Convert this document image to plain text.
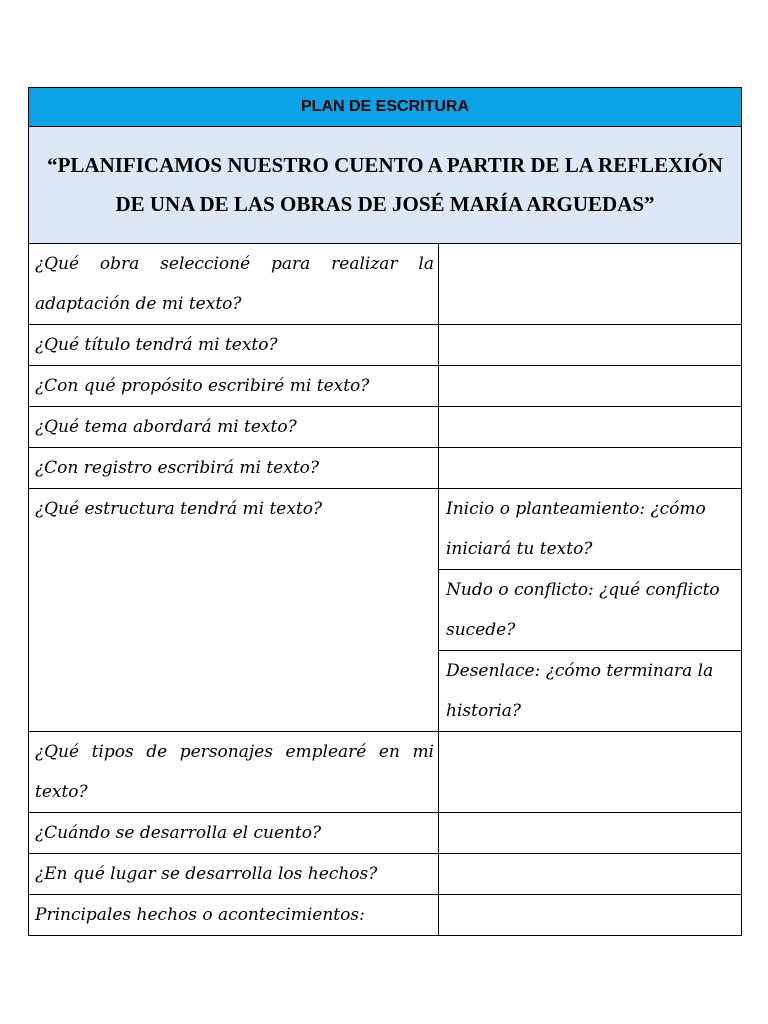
PLAN DE ESCRITURA	
“PLANIFICAMOS NUESTRO CUENTO A PARTIR DE LA REFLEXIÓN DE UNA DE LAS OBRAS DE JOSÉ MARÍA ARGUEDAS”	
¿Qué obra seleccioné para realizar la adaptación de mi texto?	
¿Qué título tendrá mi texto?	
¿Con qué propósito escribiré mi texto?	
¿Qué tema abordará mi texto?	
¿Con registro escribirá mi texto?	
¿Qué estructura tendrá mi texto?	Inicio o planteamiento: ¿cómo iniciará tu texto?
	Nudo o conflicto: ¿qué conflicto sucede?
	Desenlace: ¿cómo terminara la historia?
¿Qué tipos de personajes emplearé en mi texto?	
¿Cuándo se desarrolla el cuento?	
¿En qué lugar se desarrolla los hechos?	
Principales hechos o acontecimientos:	
